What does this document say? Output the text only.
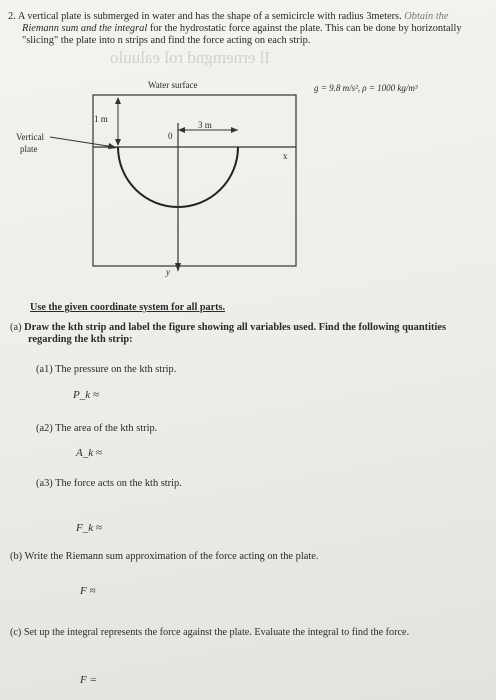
Il ernemgnd rol ealuulo
2. A vertical plate is submerged in water and has the shape of a semicircle with radius 3meters. Obtain the
Riemann sum and the integral for the hydrostatic force against the plate. This can be done by horizontally
"slicing" the plate into n strips and find the force acting on each strip.
Water surface	g = 9.8 m/s², ρ = 1000 kg/m³
1 m
3 m
0
x
y
Vertical
plate
Use the given coordinate system for all parts.
(a) Draw the kth strip and label the figure showing all variables used. Find the following quantities
regarding the kth strip:
(a1) The pressure on the kth strip.
P_k ≈
(a2) The area of the kth strip.
A_k ≈
(a3) The force acts on the kth strip.
F_k ≈
(b) Write the Riemann sum approximation of the force acting on the plate.
F ≈
(c) Set up the integral represents the force against the plate. Evaluate the integral to find the force.
F =
